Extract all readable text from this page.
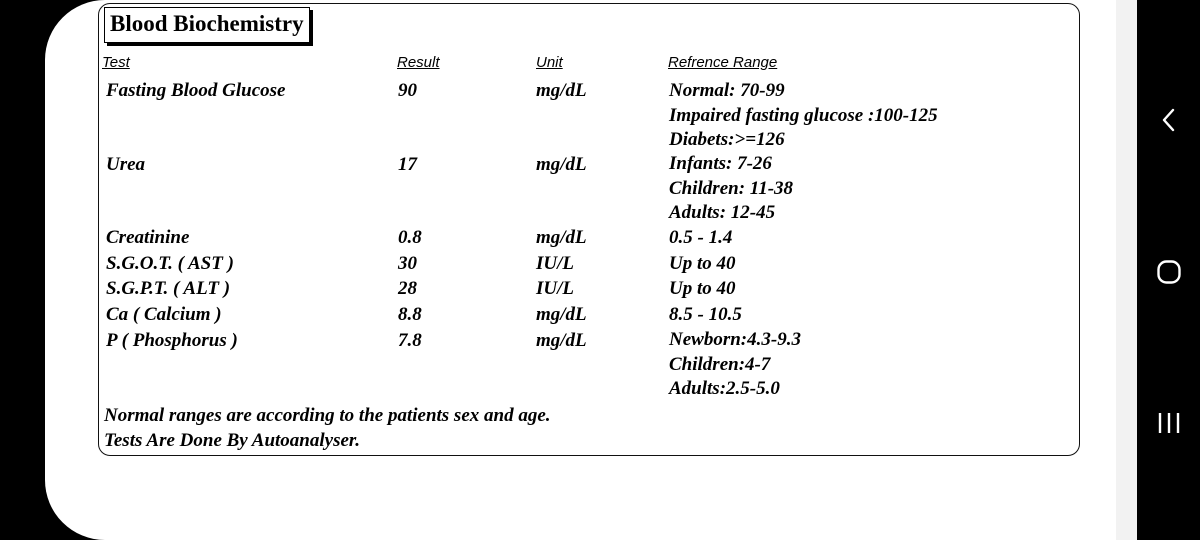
Blood Biochemistry
Test	Result	Unit	Refrence Range
Fasting Blood Glucose	90	mg/dL	Normal: 70-99
Impaired fasting glucose :100-125
Diabets:>=126
Urea	17	mg/dL	Infants: 7-26
Children: 11-38
Adults: 12-45
Creatinine	0.8	mg/dL	0.5 - 1.4
S.G.O.T. ( AST )	30	IU/L	Up to 40
S.G.P.T. ( ALT )	28	IU/L	Up to 40
Ca ( Calcium )	8.8	mg/dL	8.5 - 10.5
P ( Phosphorus )	7.8	mg/dL	Newborn:4.3-9.3
Children:4-7
Adults:2.5-5.0
Normal ranges are according to the patients sex and age.
Tests Are Done By Autoanalyser.
